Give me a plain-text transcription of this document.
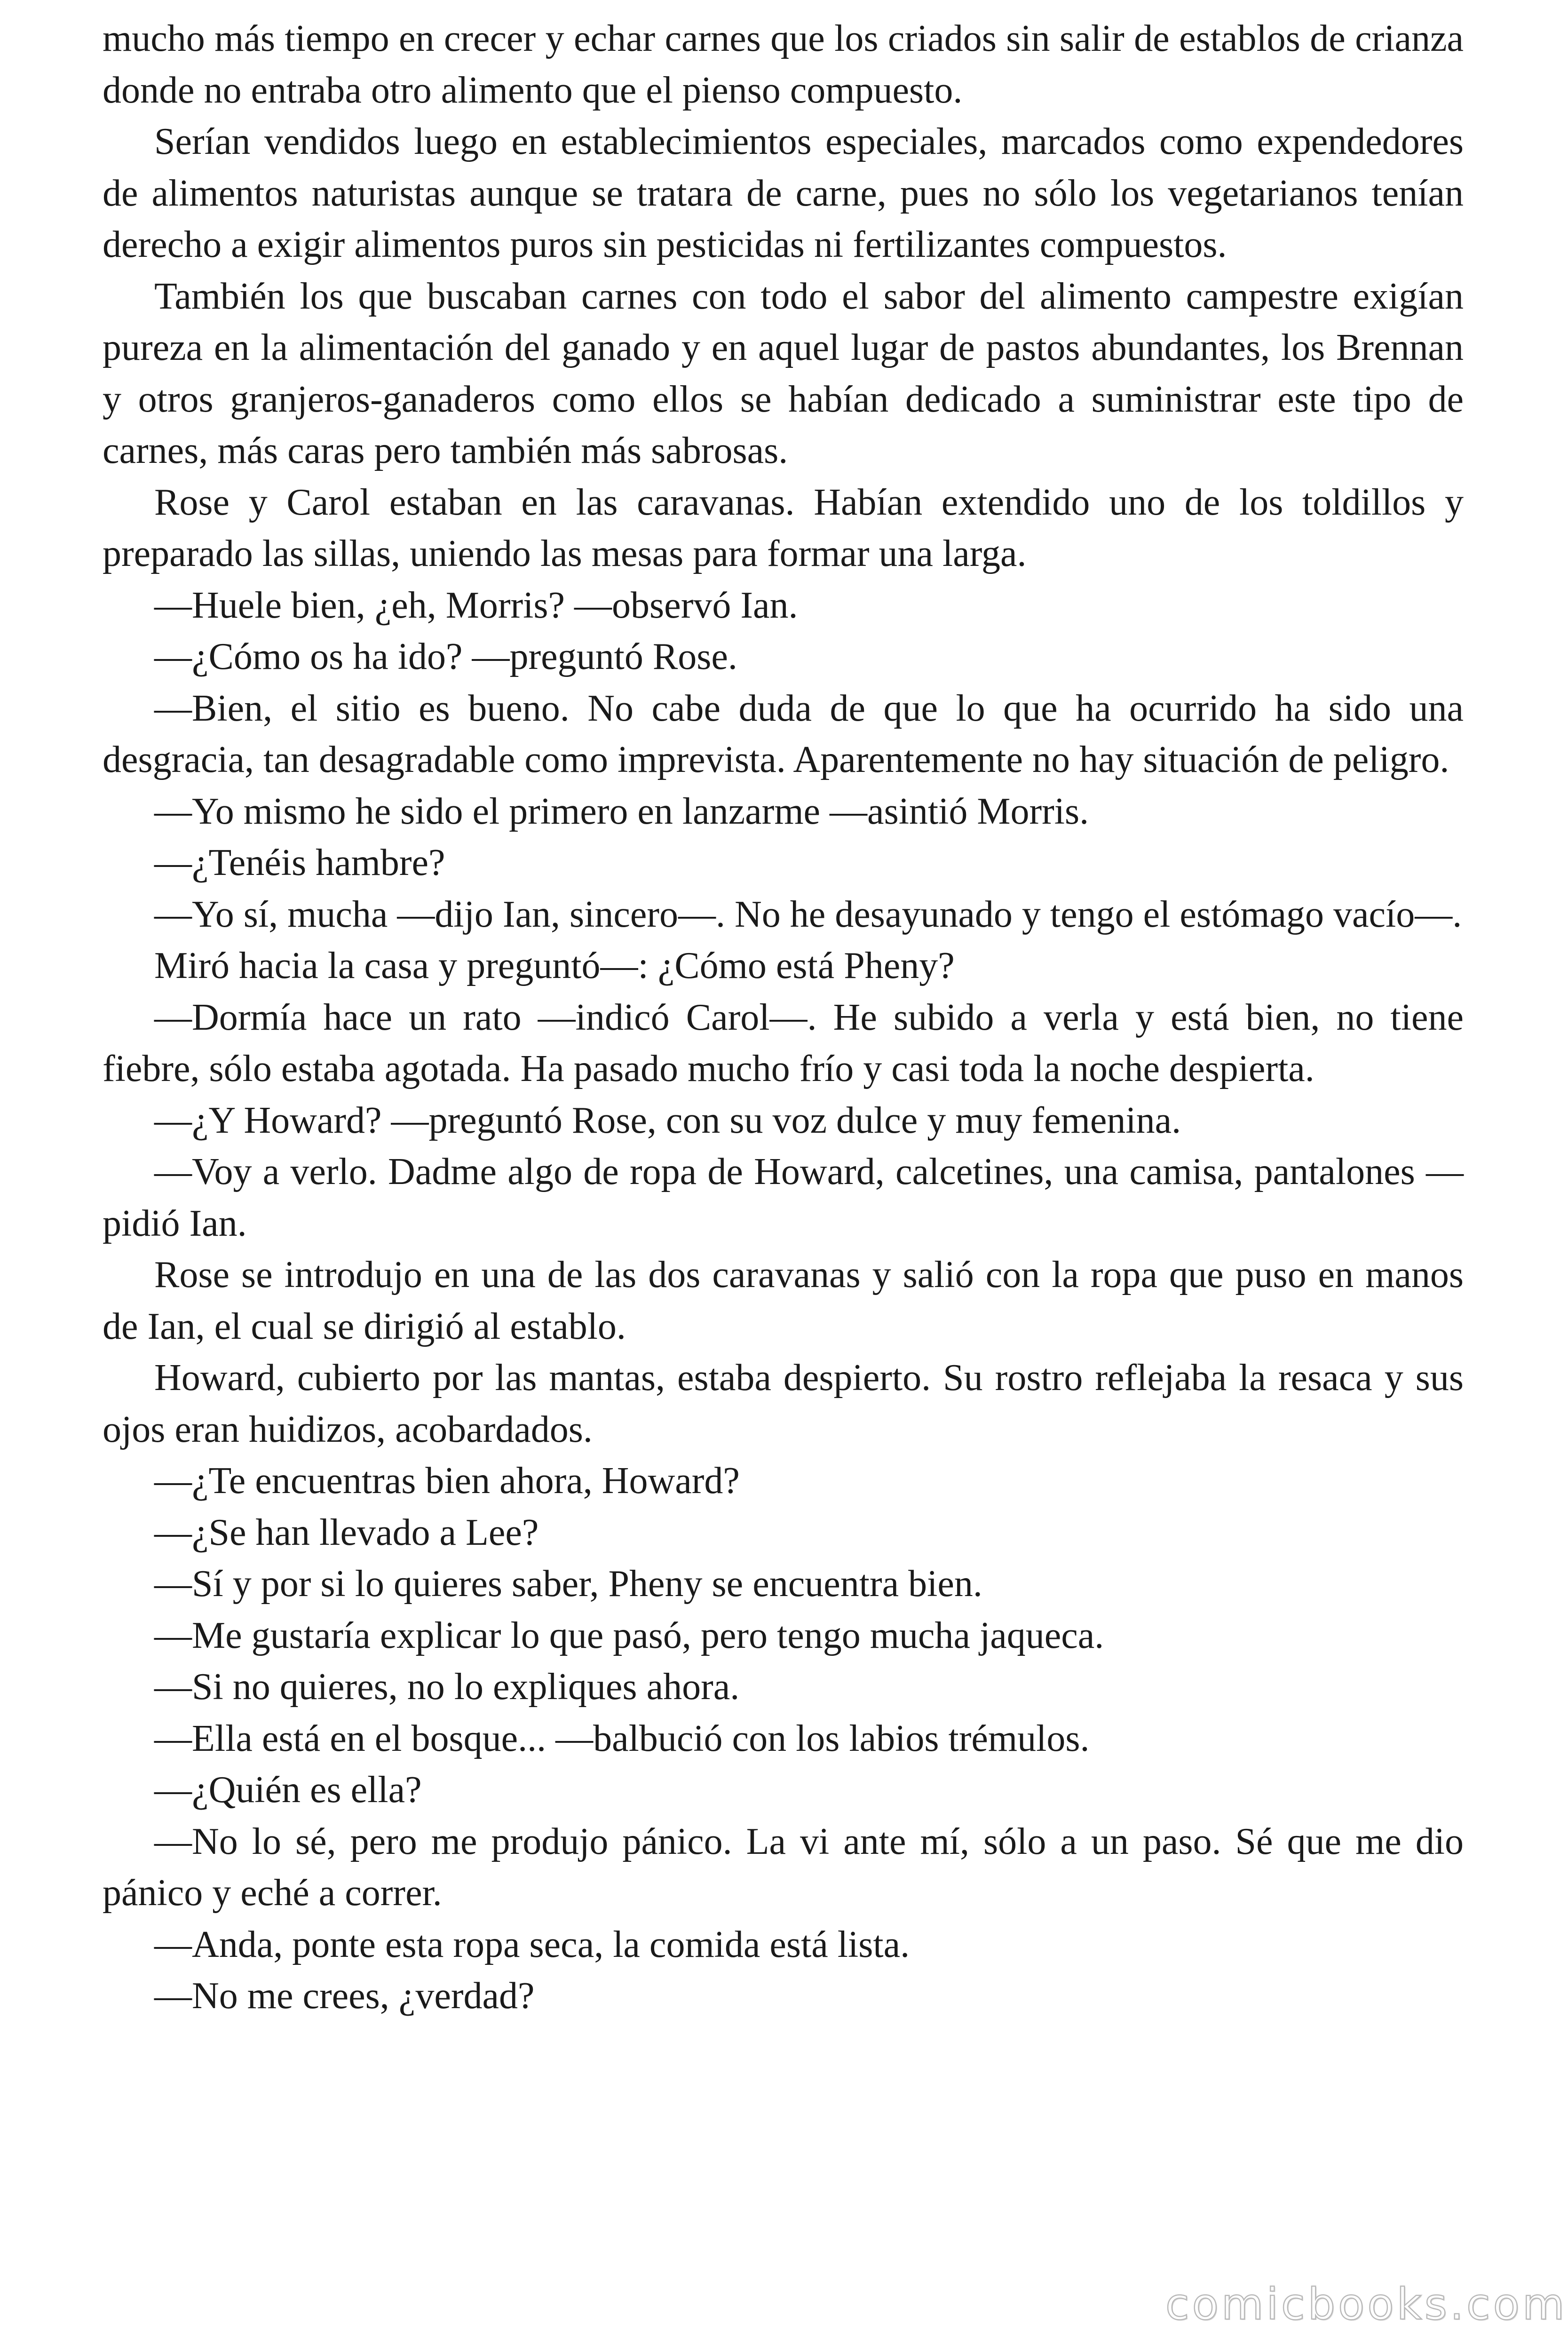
mucho más tiempo en crecer y echar carnes que los criados sin salir de establos de crianza donde no entraba otro alimento que el pienso compuesto.

Serían vendidos luego en establecimientos especiales, marcados como expendedores de alimentos naturistas aunque se tratara de carne, pues no sólo los vegetarianos tenían derecho a exigir alimentos puros sin pesticidas ni fertilizantes compuestos.

También los que buscaban carnes con todo el sabor del alimento campestre exigían pureza en la alimentación del ganado y en aquel lugar de pastos abundantes, los Brennan y otros granjeros-ganaderos como ellos se habían dedicado a suministrar este tipo de carnes, más caras pero también más sabrosas.

Rose y Carol estaban en las caravanas. Habían extendido uno de los toldillos y preparado las sillas, uniendo las mesas para formar una larga.

—Huele bien, ¿eh, Morris? —observó Ian.

—¿Cómo os ha ido? —preguntó Rose.

—Bien, el sitio es bueno. No cabe duda de que lo que ha ocurrido ha sido una desgracia, tan desagradable como imprevista. Aparentemente no hay situación de peligro.

—Yo mismo he sido el primero en lanzarme —asintió Morris.

—¿Tenéis hambre?

—Yo sí, mucha —dijo Ian, sincero—. No he desayunado y tengo el estómago vacío—.

Miró hacia la casa y preguntó—: ¿Cómo está Pheny?

—Dormía hace un rato —indicó Carol—. He subido a verla y está bien, no tiene fiebre, sólo estaba agotada. Ha pasado mucho frío y casi toda la noche despierta.

—¿Y Howard? —preguntó Rose, con su voz dulce y muy femenina.

—Voy a verlo. Dadme algo de ropa de Howard, calcetines, una camisa, pantalones — pidió Ian.

Rose se introdujo en una de las dos caravanas y salió con la ropa que puso en manos de Ian, el cual se dirigió al establo.

Howard, cubierto por las mantas, estaba despierto. Su rostro reflejaba la resaca y sus ojos eran huidizos, acobardados.

—¿Te encuentras bien ahora, Howard?

—¿Se han llevado a Lee?

—Sí y por si lo quieres saber, Pheny se encuentra bien.

—Me gustaría explicar lo que pasó, pero tengo mucha jaqueca.

—Si no quieres, no lo expliques ahora.

—Ella está en el bosque... —balbució con los labios trémulos.

—¿Quién es ella?

—No lo sé, pero me produjo pánico. La vi ante mí, sólo a un paso. Sé que me dio pánico y eché a correr.

—Anda, ponte esta ropa seca, la comida está lista.

—No me crees, ¿verdad?

comicbooks.com
